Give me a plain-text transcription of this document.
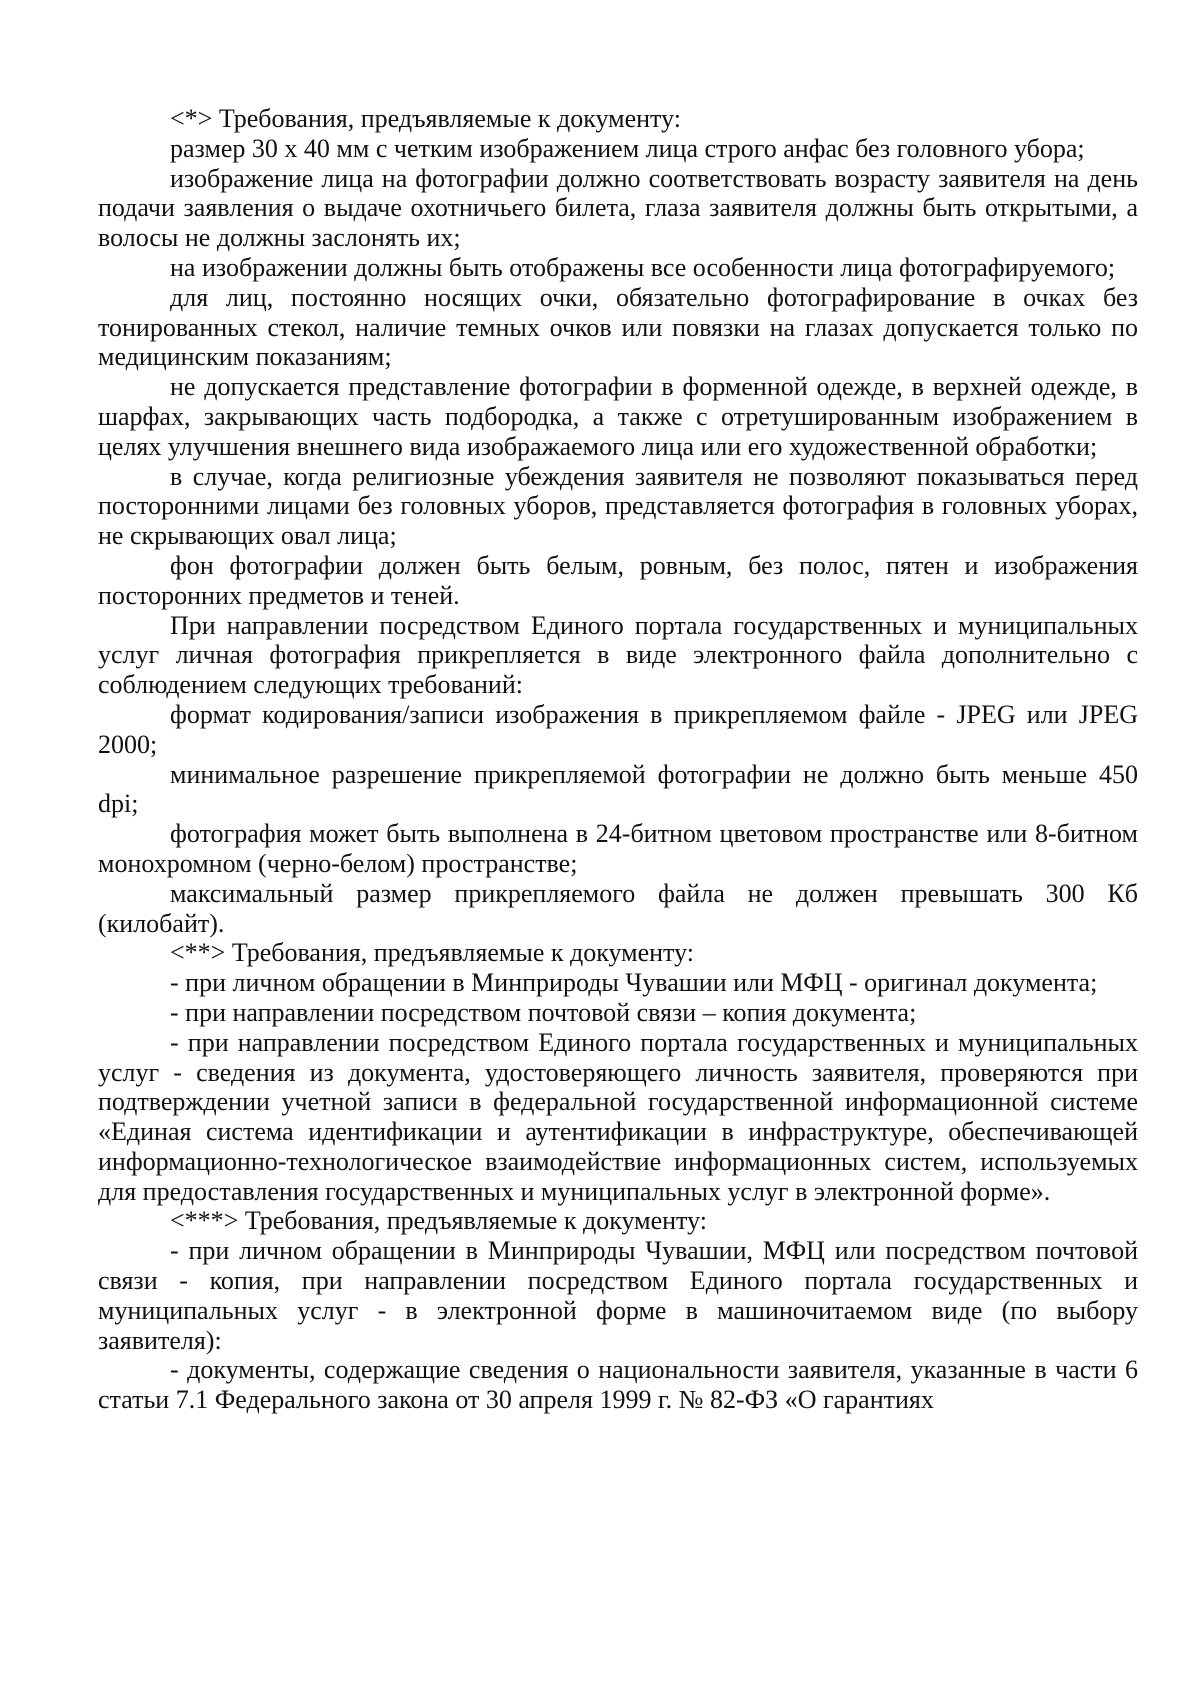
<*> Требования, предъявляемые к документу:

размер 30 х 40 мм с четким изображением лица строго анфас без головного убора;

изображение лица на фотографии должно соответствовать возрасту заявителя на день подачи заявления о выдаче охотничьего билета, глаза заявителя должны быть открытыми, а волосы не должны заслонять их;

на изображении должны быть отображены все особенности лица фотографируемого;

для лиц, постоянно носящих очки, обязательно фотографирование в очках без тонированных стекол, наличие темных очков или повязки на глазах допускается только по медицинским показаниям;

не допускается представление фотографии в форменной одежде, в верхней одежде, в шарфах, закрывающих часть подбородка, а также с отретушированным изображением в целях улучшения внешнего вида изображаемого лица или его художественной обработки;

в случае, когда религиозные убеждения заявителя не позволяют показываться перед посторонними лицами без головных уборов, представляется фотография в головных уборах, не скрывающих овал лица;

фон фотографии должен быть белым, ровным, без полос, пятен и изображения посторонних предметов и теней.

При направлении посредством Единого портала государственных и муниципальных услуг личная фотография прикрепляется в виде электронного файла дополнительно с соблюдением следующих требований:

формат кодирования/записи изображения в прикрепляемом файле - JPEG или JPEG 2000;

минимальное разрешение прикрепляемой фотографии не должно быть меньше 450 dpi;

фотография может быть выполнена в 24-битном цветовом пространстве или 8-битном монохромном (черно-белом) пространстве;

максимальный размер прикрепляемого файла не должен превышать 300 Кб (килобайт).

<**> Требования, предъявляемые к документу:

- при личном обращении в Минприроды Чувашии или МФЦ - оригинал документа;

- при направлении посредством почтовой связи – копия документа;

- при направлении посредством Единого портала государственных и муниципальных услуг - сведения из документа, удостоверяющего личность заявителя, проверяются при подтверждении учетной записи в федеральной государственной информационной системе «Единая система идентификации и аутентификации в инфраструктуре, обеспечивающей информационно-технологическое взаимодействие информационных систем, используемых для предоставления государственных и муниципальных услуг в электронной форме».

<***> Требования, предъявляемые к документу:

- при личном обращении в Минприроды Чувашии, МФЦ или посредством почтовой связи - копия, при направлении посредством Единого портала государственных и муниципальных услуг - в электронной форме в машиночитаемом виде (по выбору заявителя):

- документы, содержащие сведения о национальности заявителя, указанные в части 6 статьи 7.1 Федерального закона от 30 апреля 1999 г. № 82-ФЗ «О гарантиях
